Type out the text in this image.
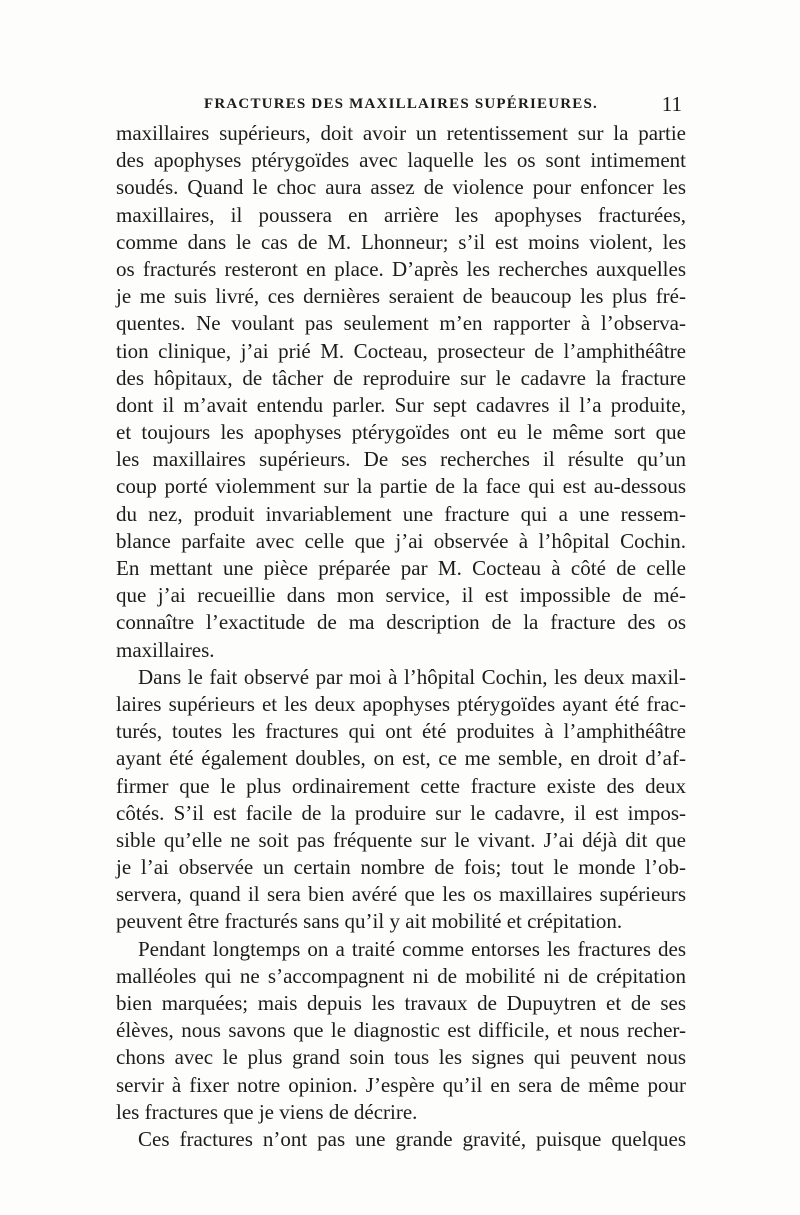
FRACTURES DES MAXILLAIRES SUPÉRIEURES.	11
maxillaires supérieurs, doit avoir un retentissement sur la partie
des apophyses ptérygoïdes avec laquelle les os sont intimement
soudés. Quand le choc aura assez de violence pour enfoncer les
maxillaires, il poussera en arrière les apophyses fracturées,
comme dans le cas de M. Lhonneur; s’il est moins violent, les
os fracturés resteront en place. D’après les recherches auxquelles
je me suis livré, ces dernières seraient de beaucoup les plus fré-
quentes. Ne voulant pas seulement m’en rapporter à l’observa-
tion clinique, j’ai prié M. Cocteau, prosecteur de l’amphithéâtre
des hôpitaux, de tâcher de reproduire sur le cadavre la fracture
dont il m’avait entendu parler. Sur sept cadavres il l’a produite,
et toujours les apophyses ptérygoïdes ont eu le même sort que
les maxillaires supérieurs. De ses recherches il résulte qu’un
coup porté violemment sur la partie de la face qui est au-dessous
du nez, produit invariablement une fracture qui a une ressem-
blance parfaite avec celle que j’ai observée à l’hôpital Cochin.
En mettant une pièce préparée par M. Cocteau à côté de celle
que j’ai recueillie dans mon service, il est impossible de mé-
connaître l’exactitude de ma description de la fracture des os
maxillaires.
Dans le fait observé par moi à l’hôpital Cochin, les deux maxil-
laires supérieurs et les deux apophyses ptérygoïdes ayant été frac-
turés, toutes les fractures qui ont été produites à l’amphithéâtre
ayant été également doubles, on est, ce me semble, en droit d’af-
firmer que le plus ordinairement cette fracture existe des deux
côtés. S’il est facile de la produire sur le cadavre, il est impos-
sible qu’elle ne soit pas fréquente sur le vivant. J’ai déjà dit que
je l’ai observée un certain nombre de fois; tout le monde l’ob-
servera, quand il sera bien avéré que les os maxillaires supérieurs
peuvent être fracturés sans qu’il y ait mobilité et crépitation.
Pendant longtemps on a traité comme entorses les fractures des
malléoles qui ne s’accompagnent ni de mobilité ni de crépitation
bien marquées; mais depuis les travaux de Dupuytren et de ses
élèves, nous savons que le diagnostic est difficile, et nous recher-
chons avec le plus grand soin tous les signes qui peuvent nous
servir à fixer notre opinion. J’espère qu’il en sera de même pour
les fractures que je viens de décrire.
Ces fractures n’ont pas une grande gravité, puisque quelques
